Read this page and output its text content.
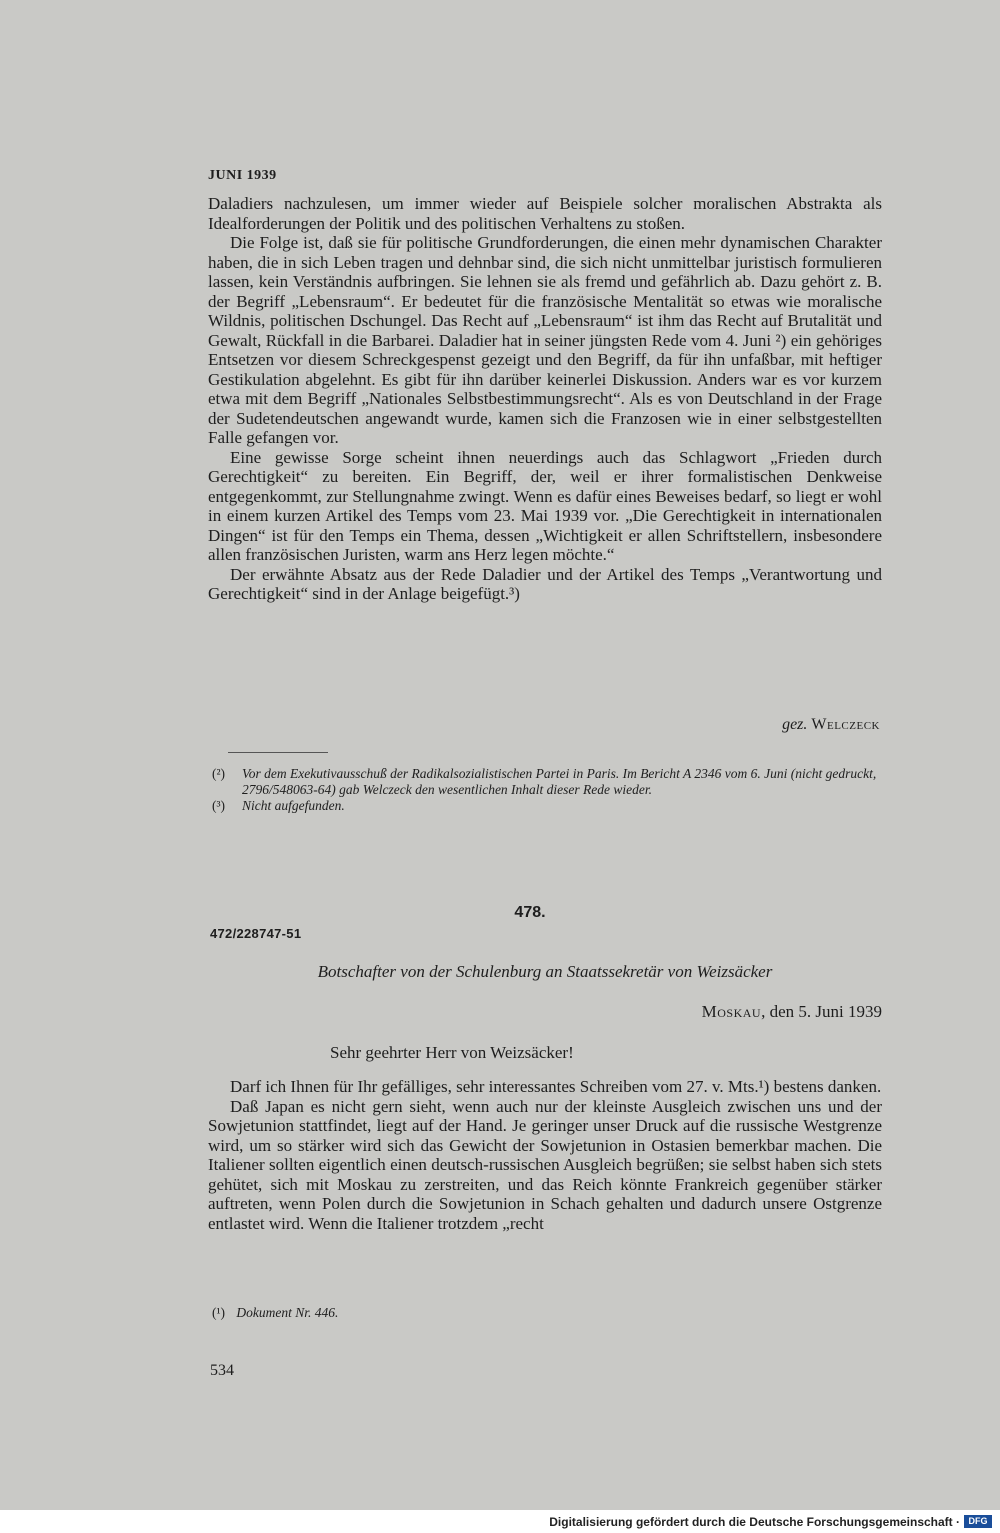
JUNI 1939

Daladiers nachzulesen, um immer wieder auf Beispiele solcher moralischen Abstrakta als Idealforderungen der Politik und des politischen Verhaltens zu stoßen.

Die Folge ist, daß sie für politische Grundforderungen, die einen mehr dynamischen Charakter haben, die in sich Leben tragen und dehnbar sind, die sich nicht unmittelbar juristisch formulieren lassen, kein Verständnis aufbringen. Sie lehnen sie als fremd und gefährlich ab. Dazu gehört z. B. der Begriff „Lebensraum“. Er bedeutet für die französische Mentalität so etwas wie moralische Wildnis, politischen Dschungel. Das Recht auf „Lebensraum“ ist ihm das Recht auf Brutalität und Gewalt, Rückfall in die Barbarei. Daladier hat in seiner jüngsten Rede vom 4. Juni ²) ein gehöriges Entsetzen vor diesem Schreckgespenst gezeigt und den Begriff, da für ihn unfaßbar, mit heftiger Gestikulation abgelehnt. Es gibt für ihn darüber keinerlei Diskussion. Anders war es vor kurzem etwa mit dem Begriff „Nationales Selbstbestimmungsrecht“. Als es von Deutschland in der Frage der Sudetendeutschen angewandt wurde, kamen sich die Franzosen wie in einer selbstgestellten Falle gefangen vor.

Eine gewisse Sorge scheint ihnen neuerdings auch das Schlagwort „Frieden durch Gerechtigkeit“ zu bereiten. Ein Begriff, der, weil er ihrer formalistischen Denkweise entgegenkommt, zur Stellungnahme zwingt. Wenn es dafür eines Beweises bedarf, so liegt er wohl in einem kurzen Artikel des Temps vom 23. Mai 1939 vor. „Die Gerechtigkeit in internationalen Dingen“ ist für den Temps ein Thema, dessen „Wichtigkeit er allen Schriftstellern, insbesondere allen französischen Juristen, warm ans Herz legen möchte.“

Der erwähnte Absatz aus der Rede Daladier und der Artikel des Temps „Verantwortung und Gerechtigkeit“ sind in der Anlage beigefügt.³)

gez. Welczeck
(²)	Vor dem Exekutivausschuß der Radikalsozialistischen Partei in Paris. Im Bericht A 2346 vom 6. Juni (nicht gedruckt, 2796/548063-64) gab Welczeck den wesentlichen Inhalt dieser Rede wieder.
(³)	Nicht aufgefunden.
478.
472/228747-51
Botschafter von der Schulenburg an Staatssekretär von Weizsäcker
Moskau, den 5. Juni 1939
Sehr geehrter Herr von Weizsäcker!

Darf ich Ihnen für Ihr gefälliges, sehr interessantes Schreiben vom 27. v. Mts.¹) bestens danken.

Daß Japan es nicht gern sieht, wenn auch nur der kleinste Ausgleich zwischen uns und der Sowjetunion stattfindet, liegt auf der Hand. Je geringer unser Druck auf die russische Westgrenze wird, um so stärker wird sich das Gewicht der Sowjetunion in Ostasien bemerkbar machen. Die Italiener sollten eigentlich einen deutsch-russischen Ausgleich begrüßen; sie selbst haben sich stets gehütet, sich mit Moskau zu zerstreiten, und das Reich könnte Frankreich gegenüber stärker auftreten, wenn Polen durch die Sowjetunion in Schach gehalten und dadurch unsere Ostgrenze entlastet wird. Wenn die Italiener trotzdem „recht

(¹) Dokument Nr. 446.
534
Digitalisierung gefördert durch die Deutsche Forschungsgemeinschaft · DFG
